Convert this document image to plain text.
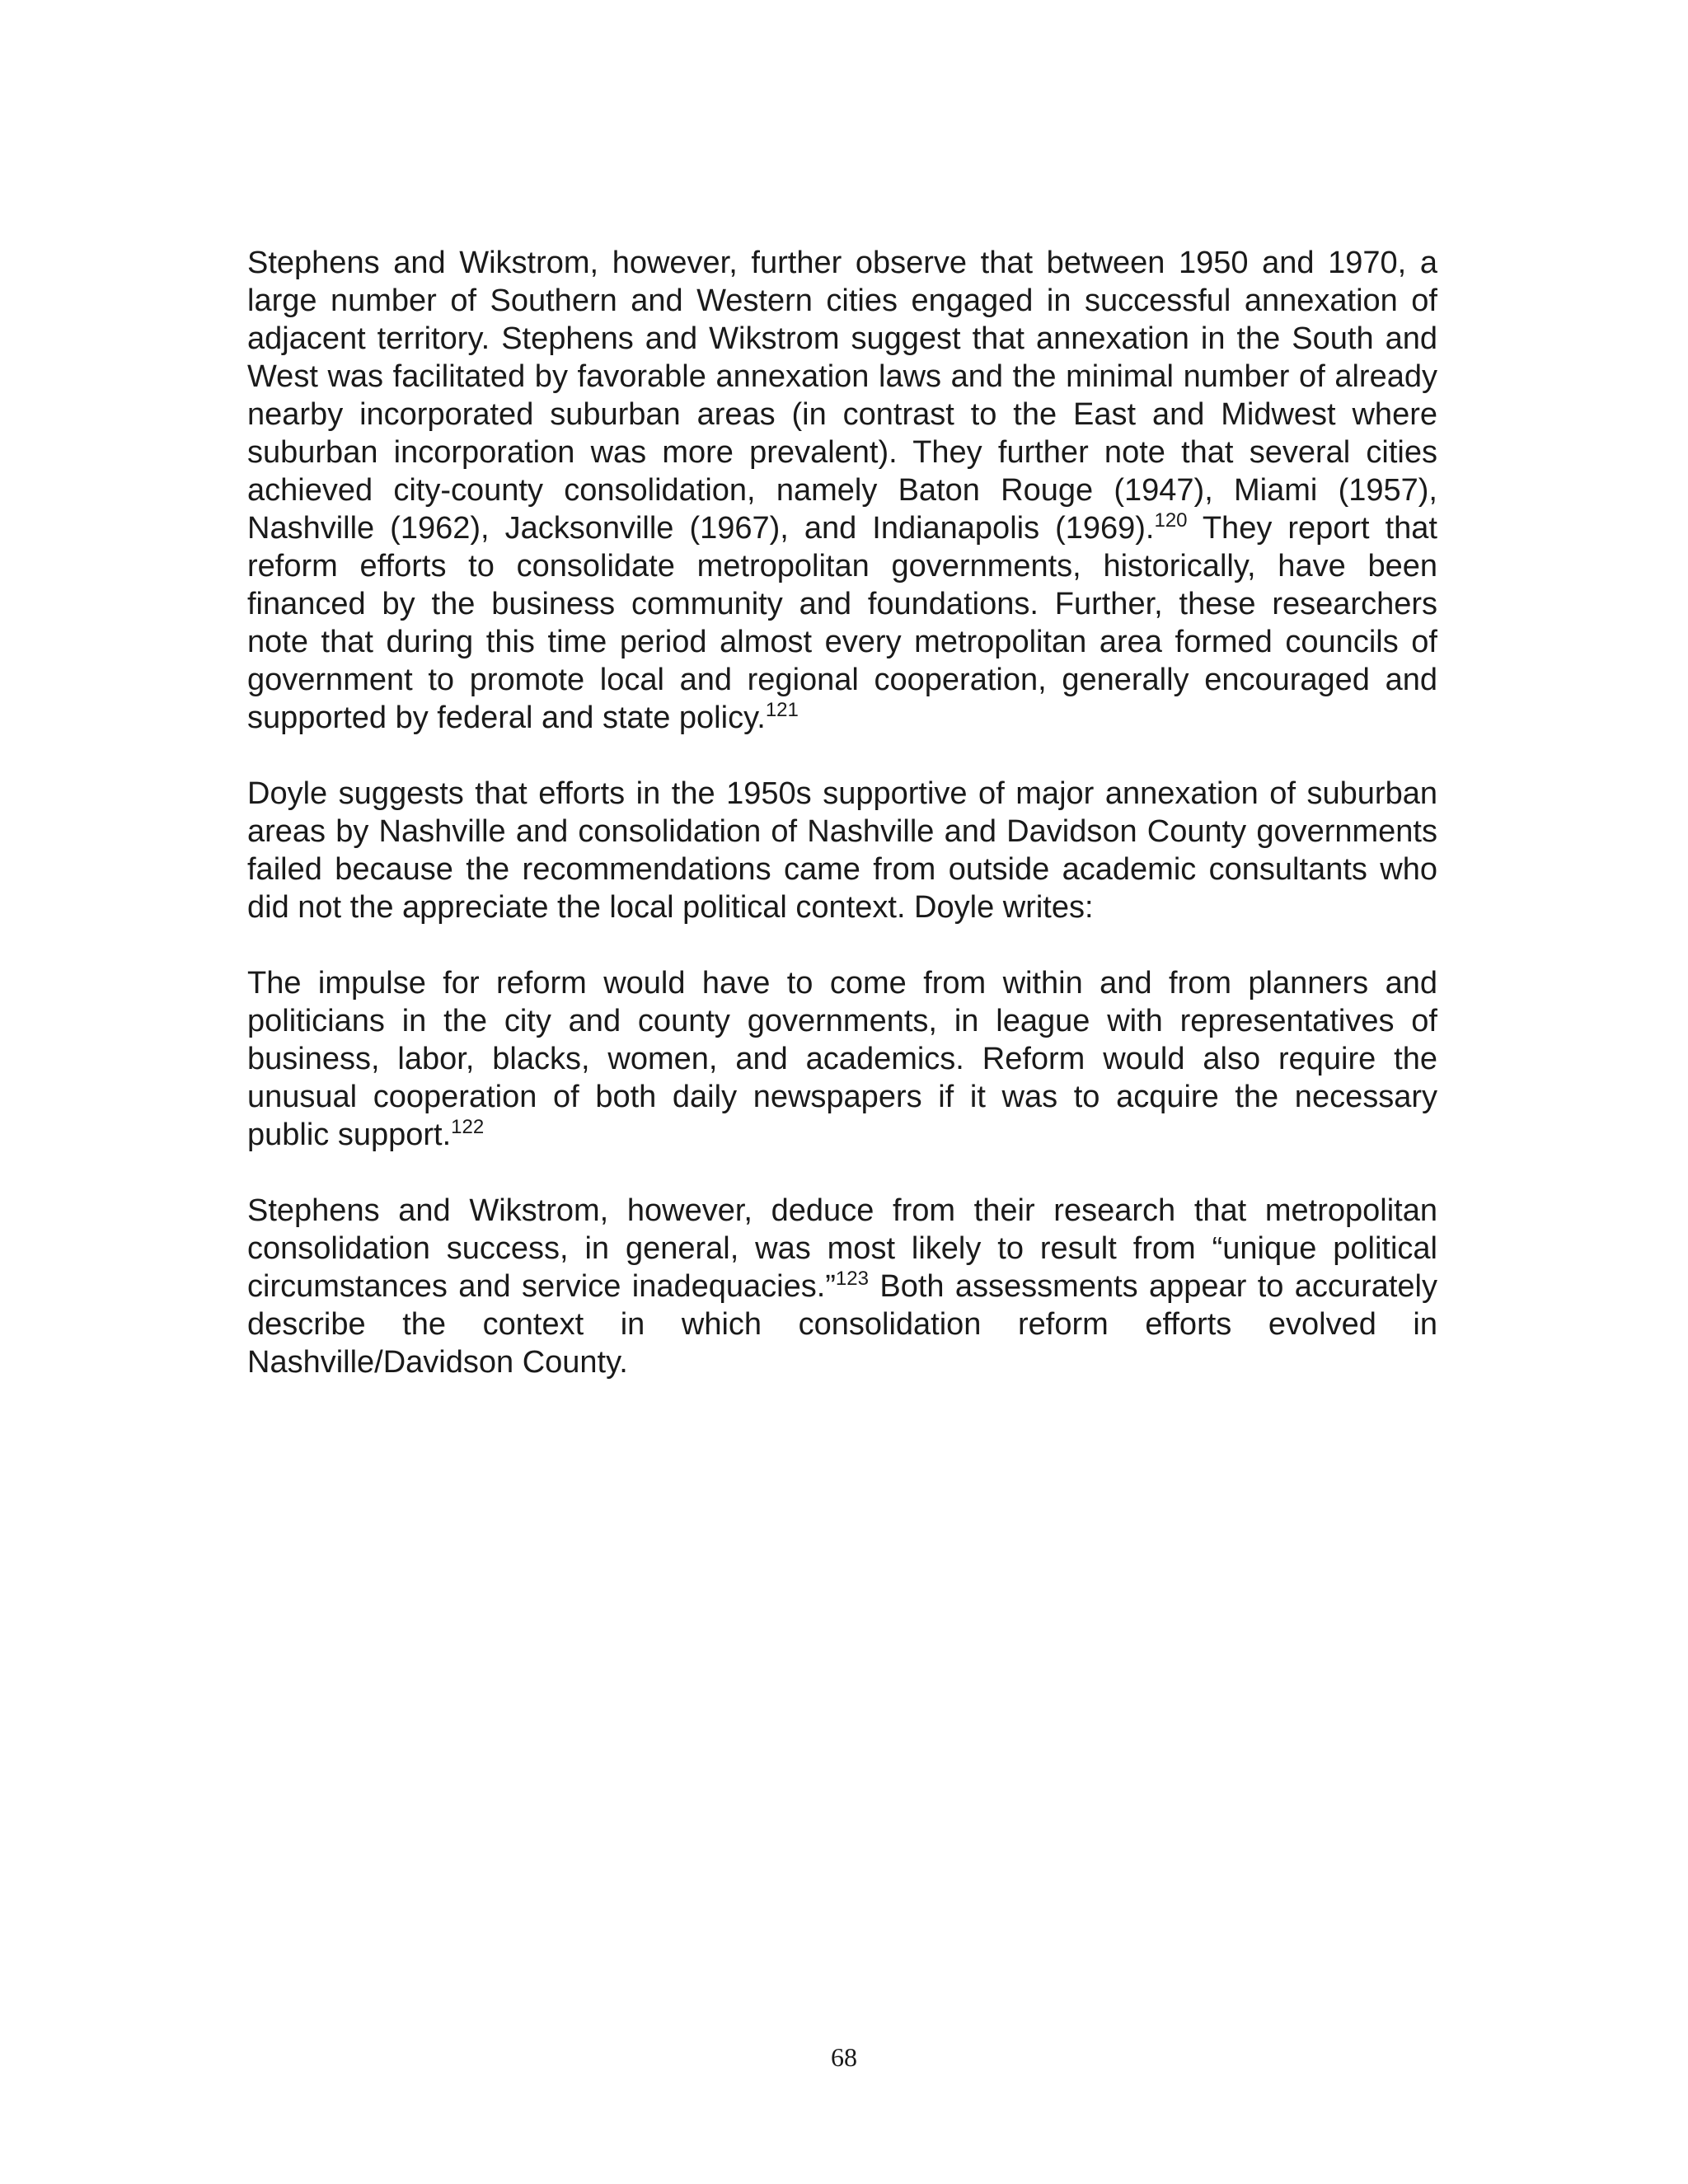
Stephens and Wikstrom, however, further observe that between 1950 and 1970, a large number of Southern and Western cities engaged in successful annexation of adjacent territory. Stephens and Wikstrom suggest that annexation in the South and West was facilitated by favorable annexation laws and the minimal number of already nearby incorporated suburban areas (in contrast to the East and Midwest where suburban incorporation was more prevalent). They further note that several cities achieved city-county consolidation, namely Baton Rouge (1947), Miami (1957), Nashville (1962), Jacksonville (1967), and Indianapolis (1969).$^{120}$ They report that reform efforts to consolidate metropolitan governments, historically, have been financed by the business community and foundations. Further, these researchers note that during this time period almost every metropolitan area formed councils of government to promote local and regional cooperation, generally encouraged and supported by federal and state policy.$^{121}$

Doyle suggests that efforts in the 1950s supportive of major annexation of suburban areas by Nashville and consolidation of Nashville and Davidson County governments failed because the recommendations came from outside academic consultants who did not the appreciate the local political context. Doyle writes:

The impulse for reform would have to come from within and from planners and politicians in the city and county governments, in league with representatives of business, labor, blacks, women, and academics. Reform would also require the unusual cooperation of both daily newspapers if it was to acquire the necessary public support.$^{122}$

Stephens and Wikstrom, however, deduce from their research that metropolitan consolidation success, in general, was most likely to result from “unique political circumstances and service inadequacies.”$^{123}$ Both assessments appear to accurately describe the context in which consolidation reform efforts evolved in Nashville/Davidson County.

68
